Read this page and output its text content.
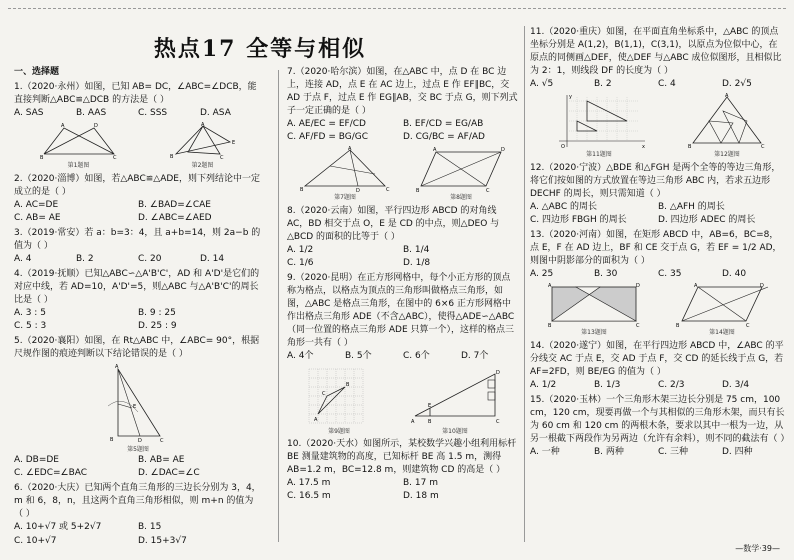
热点17 全等与相似
一、选择题
1.（2020·永州）如图，已知 AB= DC，∠ABC=∠DCB，能直接判断△ABC≌△DCB 的方法是（ ）
A. SAS	B. AAS	C. SSS	D. ASA
A	D
B	C
第1题图
A
B
E
C
第2题图
2.（2020·淄博）如图，若△ABC≌△ADE，则下列结论中一定成立的是（ ）
A. AC=DE	B. ∠BAD=∠CAE
C. AB= AE	D. ∠ABC=∠AED
3.（2019·常安）若 a：b=3：4，且 a+b=14，则 2a−b 的值为（ ）
A. 4	B. 2	C. 20	D. 14
4.（2019·抚顺）已知△ABC∽△A'B'C'，AD 和 A'D'是它们的对应中线，若 AD=10，A'D'=5，则△ABC 与△A'B'C'的周长比是（ ）
A. 3 : 5	B. 9 : 25
C. 5 : 3	D. 25 : 9
5.（2020·襄阳）如图，在 Rt△ABC 中，∠ABC= 90°，根据尺规作图的痕迹判断以下结论错误的是（ ）
A
B	D	C
E
第5题图
A. DB=DE	B. AB= AE
C. ∠EDC=∠BAC	D. ∠DAC=∠C
6.（2020·大庆）已知两个直角三角形的三边长分别为 3，4，m 和 6，8，n，且这两个直角三角形相似，则 m+n 的值为（ ）
A. 10+√7 或 5+2√7	B. 15
C. 10+√7	D. 15+3√7
7.（2020·哈尔滨）如图，在△ABC 中，点 D 在 BC 边上，连接 AD，点 E 在 AC 边上，过点 E 作 EF∥BC，交 AD 于点 F，过点 E 作 EG∥AB，交 BC 于点 G，则下列式子一定正确的是（ ）
A. AE/EC = EF/CD	B. EF/CD = EG/AB
C. AF/FD = BG/GC	D. CG/BC = AF/AD
A
B	C
D
第7题图
A	D
B	C
第8题图
8.（2020·云南）如图，平行四边形 ABCD 的对角线 AC，BD 相交于点 O，E 是 CD 的中点，则△DEO 与△BCD 的面积的比等于（ ）
A. 1/2	B. 1/4
C. 1/6	D. 1/8
9.（2020·昆明）在正方形网格中，每个小正方形的顶点称为格点，以格点为顶点的三角形叫做格点三角形，如图，△ABC 是格点三角形，在图中的 6×6 正方形网格中作出格点三角形 ADE（不含△ABC），使得△ADE∽△ABC（同一位置的格点三角形 ADE 只算一个），这样的格点三角形一共有（ ）
A. 4个	B. 5个	C. 6个	D. 7个
A
B
C
第9题图
A	B
E
C
D
第10题图
10.（2020·天水）如图所示，某校数学兴趣小组利用标杆 BE 测量建筑物的高度，已知标杆 BE 高 1.5 m，测得 AB=1.2 m，BC=12.8 m，则建筑物 CD 的高是（ ）
A. 17.5 m	B. 17 m
C. 16.5 m	D. 18 m
11.（2020·重庆）如图，在平面直角坐标系中，△ABC 的顶点坐标分别是 A(1,2)，B(1,1)，C(3,1)，以原点为位似中心，在原点的同侧画△DEF，使△DEF 与△ABC 成位似图形，且相似比为 2：1，则线段 DF 的长度为（ ）
A. √5	B. 2	C. 4	D. 2√5
O	x
y
第11题图
A
B	C
第12题图
12.（2020·宁波）△BDE 和△FGH 是两个全等的等边三角形，将它们按如图的方式放置在等边三角形 ABC 内，若求五边形 DECHF 的周长，则只需知道（ ）
A. △ABC 的周长	B. △AFH 的周长
C. 四边形 FBGH 的周长	D. 四边形 ADEC 的周长
13.（2020·河南）如图，在矩形 ABCD 中，AB=6，BC=8，点 E，F 在 AD 边上，BF 和 CE 交于点 G，若 EF = 1/2 AD，则图中阴影部分的面积为（ ）
A. 25	B. 30	C. 35	D. 40
A	D
B	C
第13题图
A	D
B	C
第14题图
14.（2020·遂宁）如图，在平行四边形 ABCD 中，∠ABC 的平分线交 AC 于点 E，交 AD 于点 F，交 CD 的延长线于点 G，若 AF=2FD，则 BE/EG 的值为（ ）
A. 1/2	B. 1/3	C. 2/3	D. 3/4
15.（2020·玉林）一个三角形木架三边长分别是 75 cm，100 cm，120 cm，现要再做一个与其相似的三角形木架，而只有长为 60 cm 和 120 cm 的两根木条，要求以其中一根为一边，从另一根截下两段作为另两边（允许有余料），则不同的截法有（ ）
A. 一种	B. 两种	C. 三种	D. 四种
—数学·39—
